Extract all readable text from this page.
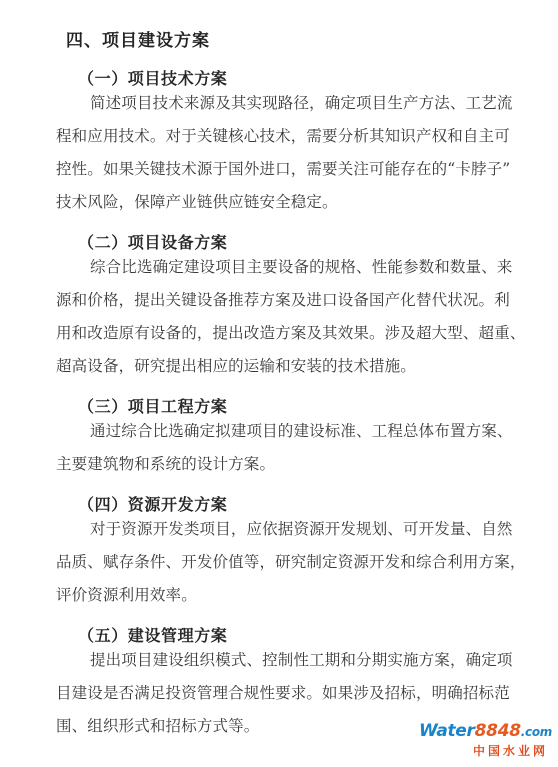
四、项目建设方案
（一）项目技术方案
简述项目技术来源及其实现路径，确定项目生产方法、工艺流
程和应用技术。对于关键核心技术，需要分析其知识产权和自主可
控性。如果关键技术源于国外进口，需要关注可能存在的“卡脖子”
技术风险，保障产业链供应链安全稳定。
（二）项目设备方案
综合比选确定建设项目主要设备的规格、性能参数和数量、来
源和价格，提出关键设备推荐方案及进口设备国产化替代状况。利
用和改造原有设备的，提出改造方案及其效果。涉及超大型、超重、
超高设备，研究提出相应的运输和安装的技术措施。
（三）项目工程方案
通过综合比选确定拟建项目的建设标准、工程总体布置方案、
主要建筑物和系统的设计方案。
（四）资源开发方案
对于资源开发类项目，应依据资源开发规划、可开发量、自然
品质、赋存条件、开发价值等，研究制定资源开发和综合利用方案，
评价资源利用效率。
（五）建设管理方案
提出项目建设组织模式、控制性工期和分期实施方案，确定项
目建设是否满足投资管理合规性要求。如果涉及招标，明确招标范
围、组织形式和招标方式等。	Water8848.com
中国水业网
